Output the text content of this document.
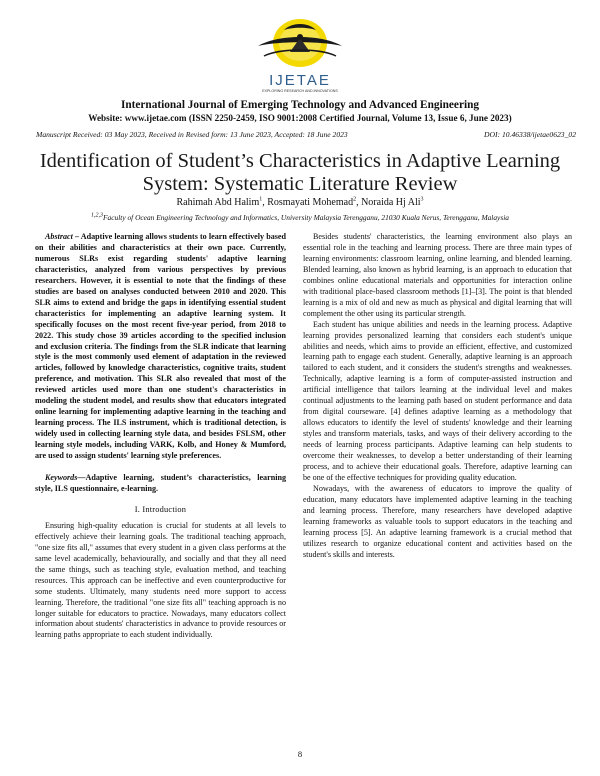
IJETAE
EXPLORING RESEARCH AND INNOVATIONS
International Journal of Emerging Technology and Advanced Engineering
Website: www.ijetae.com (ISSN 2250-2459, ISO 9001:2008 Certified Journal, Volume 13, Issue 6, June 2023)
Manuscript Received: 03 May 2023, Received in Revised form: 13 June 2023, Accepted: 18 June 2023	DOI: 10.46338/ijetae0623_02
Identification of Student’s Characteristics in Adaptive Learning
System: Systematic Literature Review
Rahimah Abd Halim$^1$, Rosmayati Mohemad$^2$, Noraida Hj Ali$^3$
$^{1,2,3}$Faculty of Ocean Engineering Technology and Informatics, University Malaysia Terengganu, 21030 Kuala Nerus, Terengganu, Malaysia

Abstract – Adaptive learning allows students to learn effectively based on their abilities and characteristics at their own pace. Currently, numerous SLRs exist regarding students' adaptive learning characteristics, analyzed from various perspectives by previous researchers. However, it is essential to note that the findings of these studies are based on analyses conducted between 2010 and 2020. This SLR aims to extend and bridge the gaps in identifying essential student characteristics for implementing an adaptive learning system. It specifically focuses on the most recent five-year period, from 2018 to 2022. This study chose 39 articles according to the specified inclusion and exclusion criteria. The findings from the SLR indicate that learning style is the most commonly used element of adaptation in the reviewed articles, followed by knowledge characteristics, cognitive traits, student preference, and motivation. This SLR also revealed that most of the reviewed articles used more than one student's characteristics in modeling the student model, and results show that educators integrated online learning for implementing adaptive learning in the teaching and learning process. The ILS instrument, which is traditional detection, is widely used in collecting learning style data, and besides FSLSM, other learning style models, including VARK, Kolb, and Honey & Mumford, are used to assign students' learning style preferences.

Keywords—Adaptive learning, student’s characteristics, learning style, ILS questionnaire, e-learning.

I. Introduction

Ensuring high-quality education is crucial for students at all levels to effectively achieve their learning goals. The traditional teaching approach, "one size fits all," assumes that every student in a given class performs at the same level academically, behaviourally, and socially and that they all need the same things, such as teaching style, evaluation method, and teaching resources. This approach can be ineffective and even counterproductive for some students. Ultimately, many students need more support to access learning. Therefore, the traditional "one size fits all" teaching approach is no longer suitable for educators to practice. Nowadays, many educators collect information about students' characteristics in advance to provide resources or learning paths appropriate to each student individually.

Besides students' characteristics, the learning environment also plays an essential role in the teaching and learning process. There are three main types of learning environments: classroom learning, online learning, and blended learning. Blended learning, also known as hybrid learning, is an approach to education that combines online educational materials and opportunities for interaction online with traditional place-based classroom methods [1]–[3]. The point is that blended learning is a mix of old and new as much as physical and digital learning that will complement the other using its particular strength.

Each student has unique abilities and needs in the learning process. Adaptive learning provides personalized learning that considers each student's unique abilities and needs, which aims to provide an efficient, effective, and customized learning path to engage each student. Generally, adaptive learning is an approach tailored to each student, and it considers the student's strengths and weaknesses. Technically, adaptive learning is a form of computer-assisted instruction and artificial intelligence that tailors learning at the individual level and makes continual adjustments to the learning path based on student performance and data from digital courseware. [4] defines adaptive learning as a methodology that allows educators to identify the level of students' knowledge and their learning styles and transform materials, tasks, and ways of their delivery according to the needs of learning process participants. Adaptive learning can help students to overcome their weaknesses, to develop a better understanding of their learning process, and to achieve their educational goals. Therefore, adaptive learning can be one of the effective techniques for providing quality education.

Nowadays, with the awareness of educators to improve the quality of education, many educators have implemented adaptive learning in the teaching and learning process. Therefore, many researchers have developed adaptive learning frameworks as valuable tools to support educators in the teaching and learning process [5]. An adaptive learning framework is a crucial method that utilizes research to organize educational content and activities based on the student's skills and interests.

8
